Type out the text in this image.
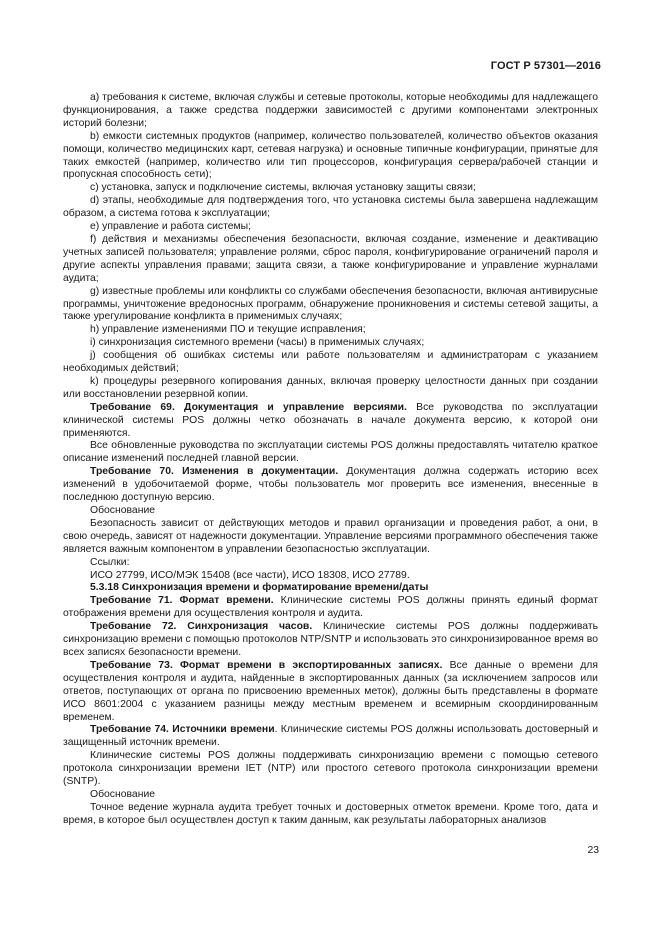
ГОСТ Р 57301—2016

a) требования к системе, включая службы и сетевые протоколы, которые необходимы для надлежащего функционирования, а также средства поддержки зависимостей с другими компонентами электронных историй болезни;

b) емкости системных продуктов (например, количество пользователей, количество объектов оказания помощи, количество медицинских карт, сетевая нагрузка) и основные типичные конфигурации, принятые для таких емкостей (например, количество или тип процессоров, конфигурация сервера/рабочей станции и пропускная способность сети);

c) установка, запуск и подключение системы, включая установку защиты связи;

d) этапы, необходимые для подтверждения того, что установка системы была завершена надлежащим образом, а система готова к эксплуатации;

e) управление и работа системы;

f) действия и механизмы обеспечения безопасности, включая создание, изменение и деактивацию учетных записей пользователя; управление ролями, сброс пароля, конфигурирование ограничений пароля и другие аспекты управления правами; защита связи, а также конфигурирование и управление журналами аудита;

g) известные проблемы или конфликты со службами обеспечения безопасности, включая антивирусные программы, уничтожение вредоносных программ, обнаружение проникновения и системы сетевой защиты, а также урегулирование конфликта в применимых случаях;

h) управление изменениями ПО и текущие исправления;

i) синхронизация системного времени (часы) в применимых случаях;

j) сообщения об ошибках системы или работе пользователям и администраторам с указанием необходимых действий;

k) процедуры резервного копирования данных, включая проверку целостности данных при создании или восстановлении резервной копии.

Требование 69. Документация и управление версиями. Все руководства по эксплуатации клинической системы POS должны четко обозначать в начале документа версию, к которой они применяются.

Все обновленные руководства по эксплуатации системы POS должны предоставлять читателю краткое описание изменений последней главной версии.

Требование 70. Изменения в документации. Документация должна содержать историю всех изменений в удобочитаемой форме, чтобы пользователь мог проверить все изменения, внесенные в последнюю доступную версию.

Обоснование

Безопасность зависит от действующих методов и правил организации и проведения работ, а они, в свою очередь, зависят от надежности документации. Управление версиями программного обеспечения также является важным компонентом в управлении безопасностью эксплуатации.

Ссылки:

ИСО 27799, ИСО/МЭК 15408 (все части), ИСО 18308, ИСО 27789.

5.3.18 Синхронизация времени и форматирование времени/даты

Требование 71. Формат времени. Клинические системы POS должны принять единый формат отображения времени для осуществления контроля и аудита.

Требование 72. Синхронизация часов. Клинические системы POS должны поддерживать синхронизацию времени с помощью протоколов NTP/SNTP и использовать это синхронизированное время во всех записях безопасности времени.

Требование 73. Формат времени в экспортированных записях. Все данные о времени для осуществления контроля и аудита, найденные в экспортированных данных (за исключением запросов или ответов, поступающих от органа по присвоению временных меток), должны быть представлены в формате ИСО 8601:2004 с указанием разницы между местным временем и всемирным скоординированным временем.

Требование 74. Источники времени. Клинические системы POS должны использовать достоверный и защищенный источник времени.

Клинические системы POS должны поддерживать синхронизацию времени с помощью сетевого протокола синхронизации времени IET (NTP) или простого сетевого протокола синхронизации времени (SNTP).

Обоснование

Точное ведение журнала аудита требует точных и достоверных отметок времени. Кроме того, дата и время, в которое был осуществлен доступ к таким данным, как результаты лабораторных анализов

23
